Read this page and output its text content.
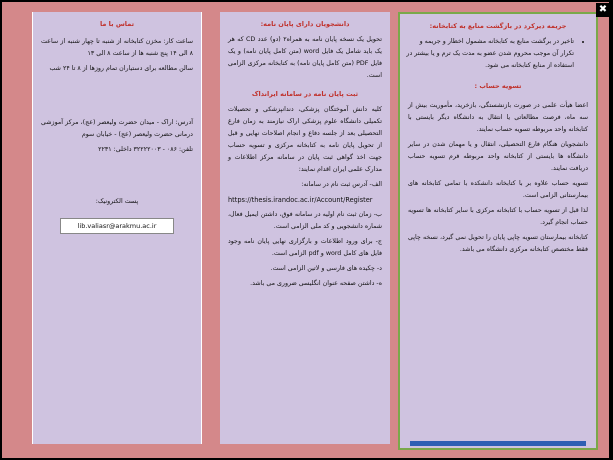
تماس با ما

ساعت کار: مخزن کتابخانه از شنبه تا چهار شنبه از ساعت ۸ الی ۱۴ پنج شنبه ها از ساعت ۸ الی ۱۳

سالن مطالعه برای دستیاران تمام روزها از ۸ تا ۲۴ شب

آدرس: اراک - میدان حضرت ولیعصر (عج)، مرکز آموزشی درمانی حضرت ولیعصر (عج) - خیابان سوم

تلفن: ۰۸۶ - ۳۲۲۲۲۰۰۳ داخلی: ۲۲۳۱

پست الکترونیک:

lib.valiasr@arakmu.ac.ir
دانشجویان دارای پایان نامه:

تحویل یک نسخه پایان نامه به همراه۲ (دو) عدد CD که هر یک باید شامل یک فایل word (متن کامل پایان نامه) و یک فایل PDF (متن کامل پایان نامه) به کتابخانه مرکزی الزامی است.

ثبت پایان نامه در سامانه ایرانداک

کلیه دانش آموختگان پزشکی، دندانپزشکی و تحصیلات تکمیلی دانشگاه علوم پزشکی اراک نیازمند به زمان فارغ التحصیلی بعد از جلسه دفاع و انجام اصلاحات نهایی و قبل از تحویل پایان نامه به کتابخانه مرکزی و تسویه حساب جهت اخذ گواهی ثبت پایان در سامانه مرکز اطلاعات و مدارک علمی ایران اقدام نمایند:

الف- آدرس ثبت نام در سامانه:

https://thesis.irandoc.ac.ir/Account/Register

ب- زمان ثبت نام اولیه در سامانه فوق، داشتن ایمیل فعال، شماره دانشجویی و کد ملی الزامی است.

ج- برای ورود اطلاعات و بارگزاری نهایی پایان نامه وجود فایل های کامل word و pdf الزامی است.

د- چکیده های فارسی و لاتین الزامی است.

ه- داشتن صفحه عنوان انگلیسی ضروری می باشد.

جریمه دیرکرد در بازگشت منابع به کتابخانه:
• تاخیر در برگشت منابع به کتابخانه مشمول اخطار و جریمه و تکرار آن موجب محروم شدن عضو به مدت یک ترم و یا بیشتر در استفاده از منابع کتابخانه می شود.
تسویه حساب :

اعضا هیأت علمی در صورت بازنشستگی، بازخرید، مأموریت بیش از سه ماه، فرصت مطالعاتی یا انتقال به دانشگاه دیگر بایستی با کتابخانه واحد مربوطه تسویه حساب نمایند.

دانشجویان هنگام فارغ التحصیلی، انتقال و یا مهمان شدن در سایر دانشگاه ها بایستی از کتابخانه واحد مربوطه فرم تسویه حساب دریافت نمایند.

تسویه حساب علاوه بر با کتابخانه دانشکده با تمامی کتابخانه های بیمارستانی الزامی است.

لذا قبل از تسویه حساب با کتابخانه مرکزی با سایر کتابخانه ها تسویه حساب انجام گیرد.

کتابخانه بیمارستان تسویه چاپی پایان را تحویل نمی گیرد، نسخه چاپی فقط مختصص کتابخانه مرکزی دانشگاه می باشد.

✖
